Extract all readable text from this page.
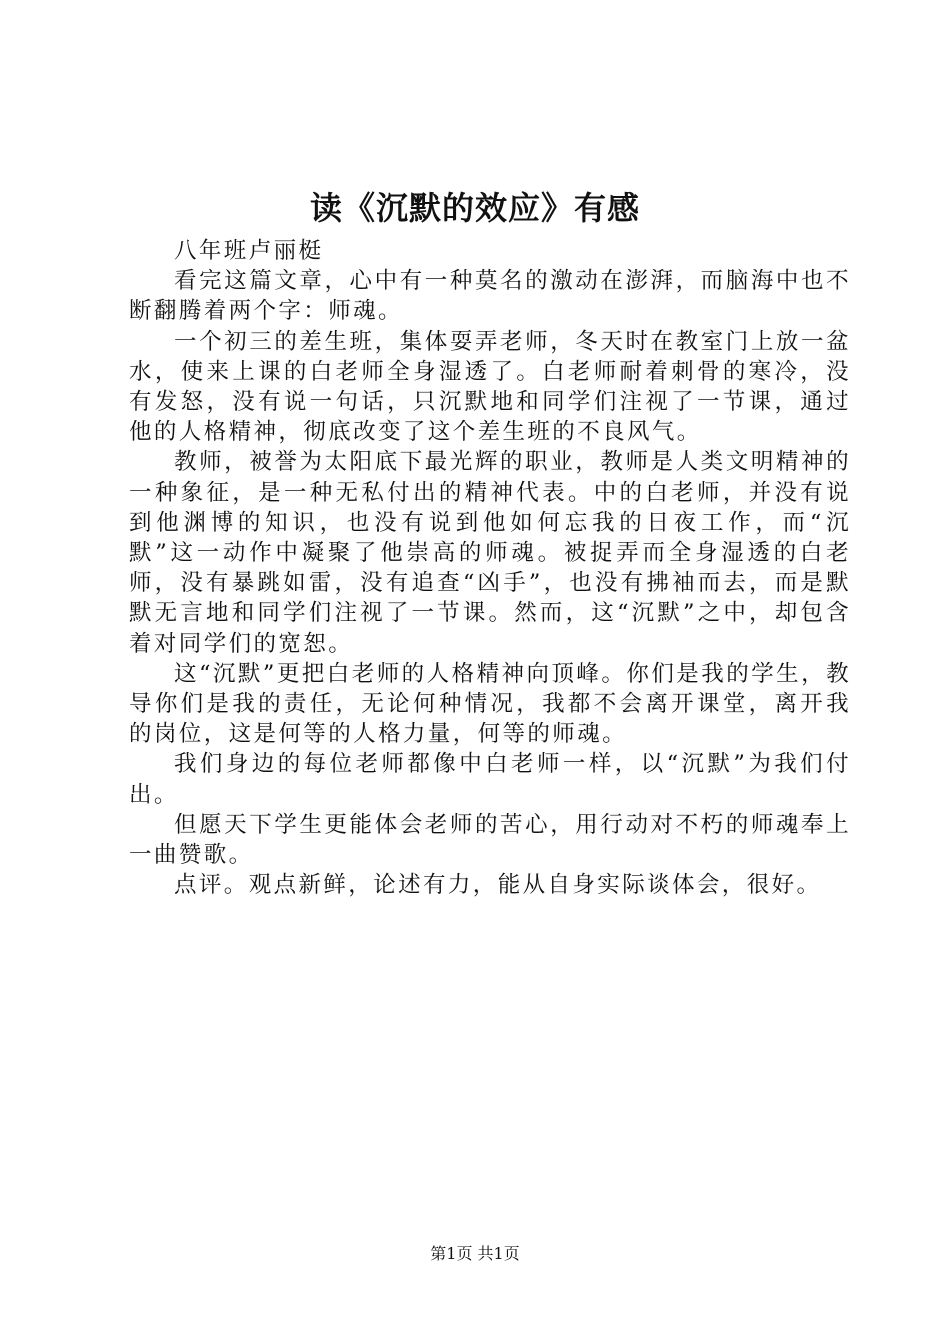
读《沉默的效应》有感

八年班卢丽梃

看完这篇文章，心中有一种莫名的激动在澎湃，而脑海中也不断翻腾着两个字：师魂。

一个初三的差生班，集体耍弄老师，冬天时在教室门上放一盆水，使来上课的白老师全身湿透了。白老师耐着刺骨的寒冷，没有发怒，没有说一句话，只沉默地和同学们注视了一节课，通过他的人格精神，彻底改变了这个差生班的不良风气。

教师，被誉为太阳底下最光辉的职业，教师是人类文明精神的一种象征，是一种无私付出的精神代表。中的白老师，并没有说到他渊博的知识，也没有说到他如何忘我的日夜工作，而“沉默”这一动作中凝聚了他崇高的师魂。被捉弄而全身湿透的白老师，没有暴跳如雷，没有追查“凶手”，也没有拂袖而去，而是默默无言地和同学们注视了一节课。然而，这“沉默”之中，却包含着对同学们的宽恕。

这“沉默”更把白老师的人格精神向顶峰。你们是我的学生，教导你们是我的责任，无论何种情况，我都不会离开课堂，离开我的岗位，这是何等的人格力量，何等的师魂。

我们身边的每位老师都像中白老师一样，以“沉默”为我们付出。

但愿天下学生更能体会老师的苦心，用行动对不朽的师魂奉上一曲赞歌。

点评。观点新鲜，论述有力，能从自身实际谈体会，很好。

第1页 共1页
